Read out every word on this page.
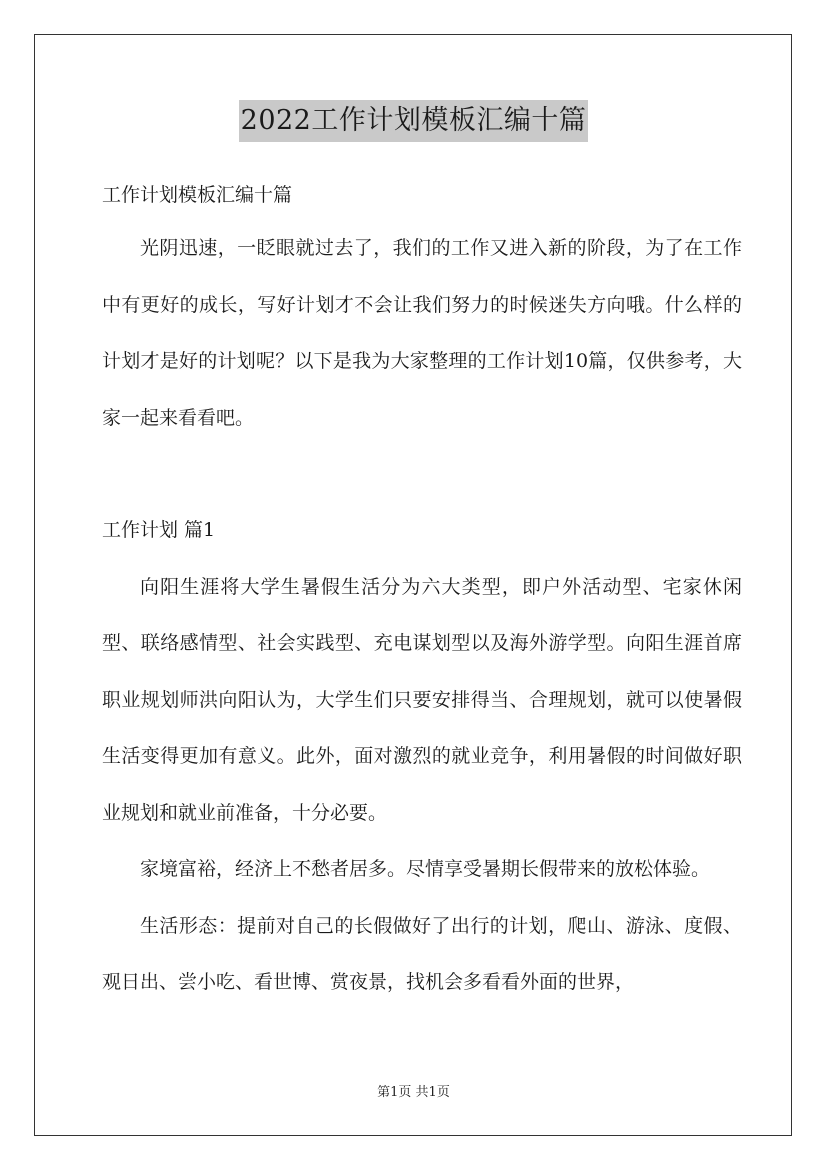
2022工作计划模板汇编十篇

工作计划模板汇编十篇

光阴迅速，一眨眼就过去了，我们的工作又进入新的阶段，为了在工作中有更好的成长，写好计划才不会让我们努力的时候迷失方向哦。什么样的计划才是好的计划呢？以下是我为大家整理的工作计划10篇，仅供参考，大家一起来看看吧。

工作计划 篇1

向阳生涯将大学生暑假生活分为六大类型，即户外活动型、宅家休闲型、联络感情型、社会实践型、充电谋划型以及海外游学型。向阳生涯首席职业规划师洪向阳认为，大学生们只要安排得当、合理规划，就可以使暑假生活变得更加有意义。此外，面对激烈的就业竞争，利用暑假的时间做好职业规划和就业前准备，十分必要。

家境富裕，经济上不愁者居多。尽情享受暑期长假带来的放松体验。

生活形态：提前对自己的长假做好了出行的计划，爬山、游泳、度假、观日出、尝小吃、看世博、赏夜景，找机会多看看外面的世界，

第1页 共1页
